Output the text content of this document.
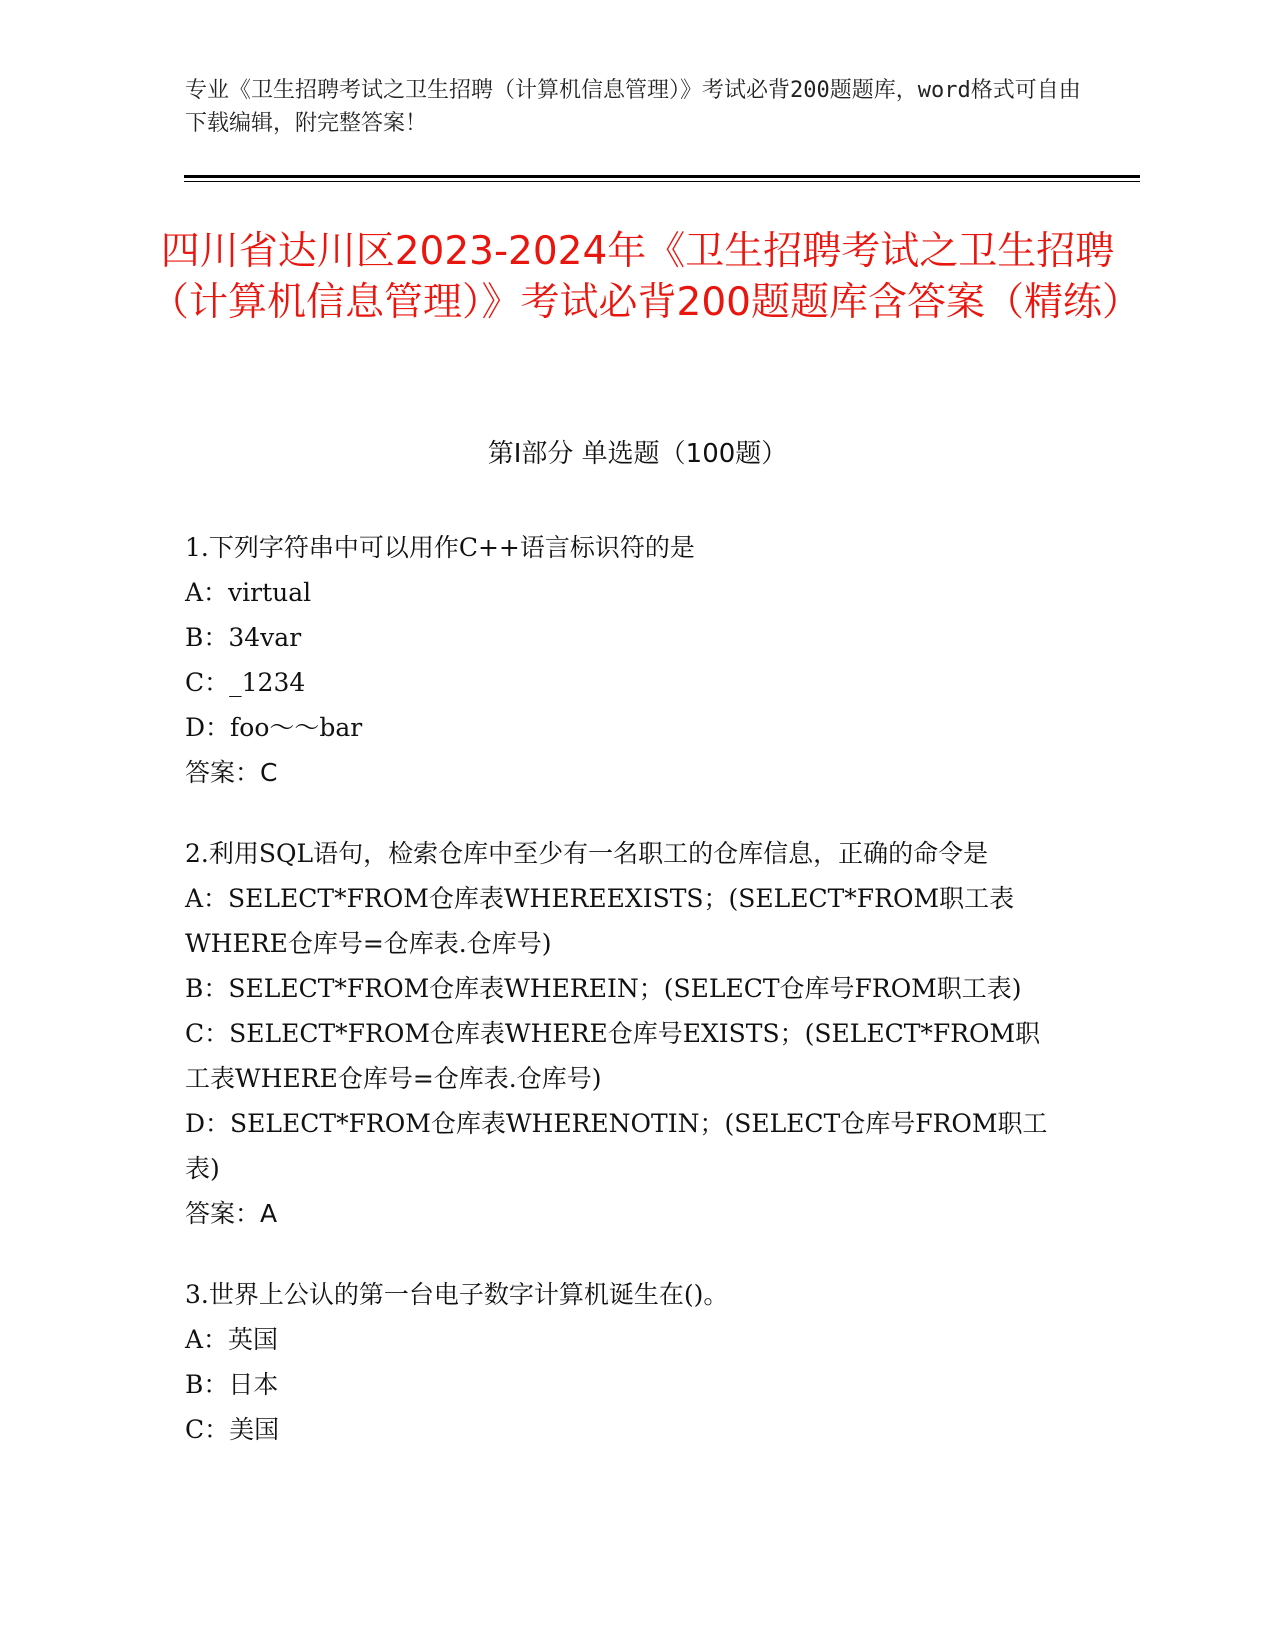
专业《卫生招聘考试之卫生招聘（计算机信息管理）》考试必背200题题库，word格式可自由下载编辑，附完整答案！
四川省达川区2023-2024年《卫生招聘考试之卫生招聘（计算机信息管理）》考试必背200题题库含答案（精练）
第Ⅰ部分 单选题（100题）
1.下列字符串中可以用作C++语言标识符的是
A：virtual
B：34var
C：_1234
D：foo～～bar
答案：C
2.利用SQL语句，检索仓库中至少有一名职工的仓库信息，正确的命令是
A：SELECT*FROM仓库表WHEREEXISTS；(SELECT*FROM职工表WHERE仓库号=仓库表.仓库号)
B：SELECT*FROM仓库表WHEREIN；(SELECT仓库号FROM职工表)
C：SELECT*FROM仓库表WHERE仓库号EXISTS；(SELECT*FROM职工表WHERE仓库号=仓库表.仓库号)
D：SELECT*FROM仓库表WHERENOTIN；(SELECT仓库号FROM职工表)
答案：A
3.世界上公认的第一台电子数字计算机诞生在()。
A：英国
B：日本
C：美国
